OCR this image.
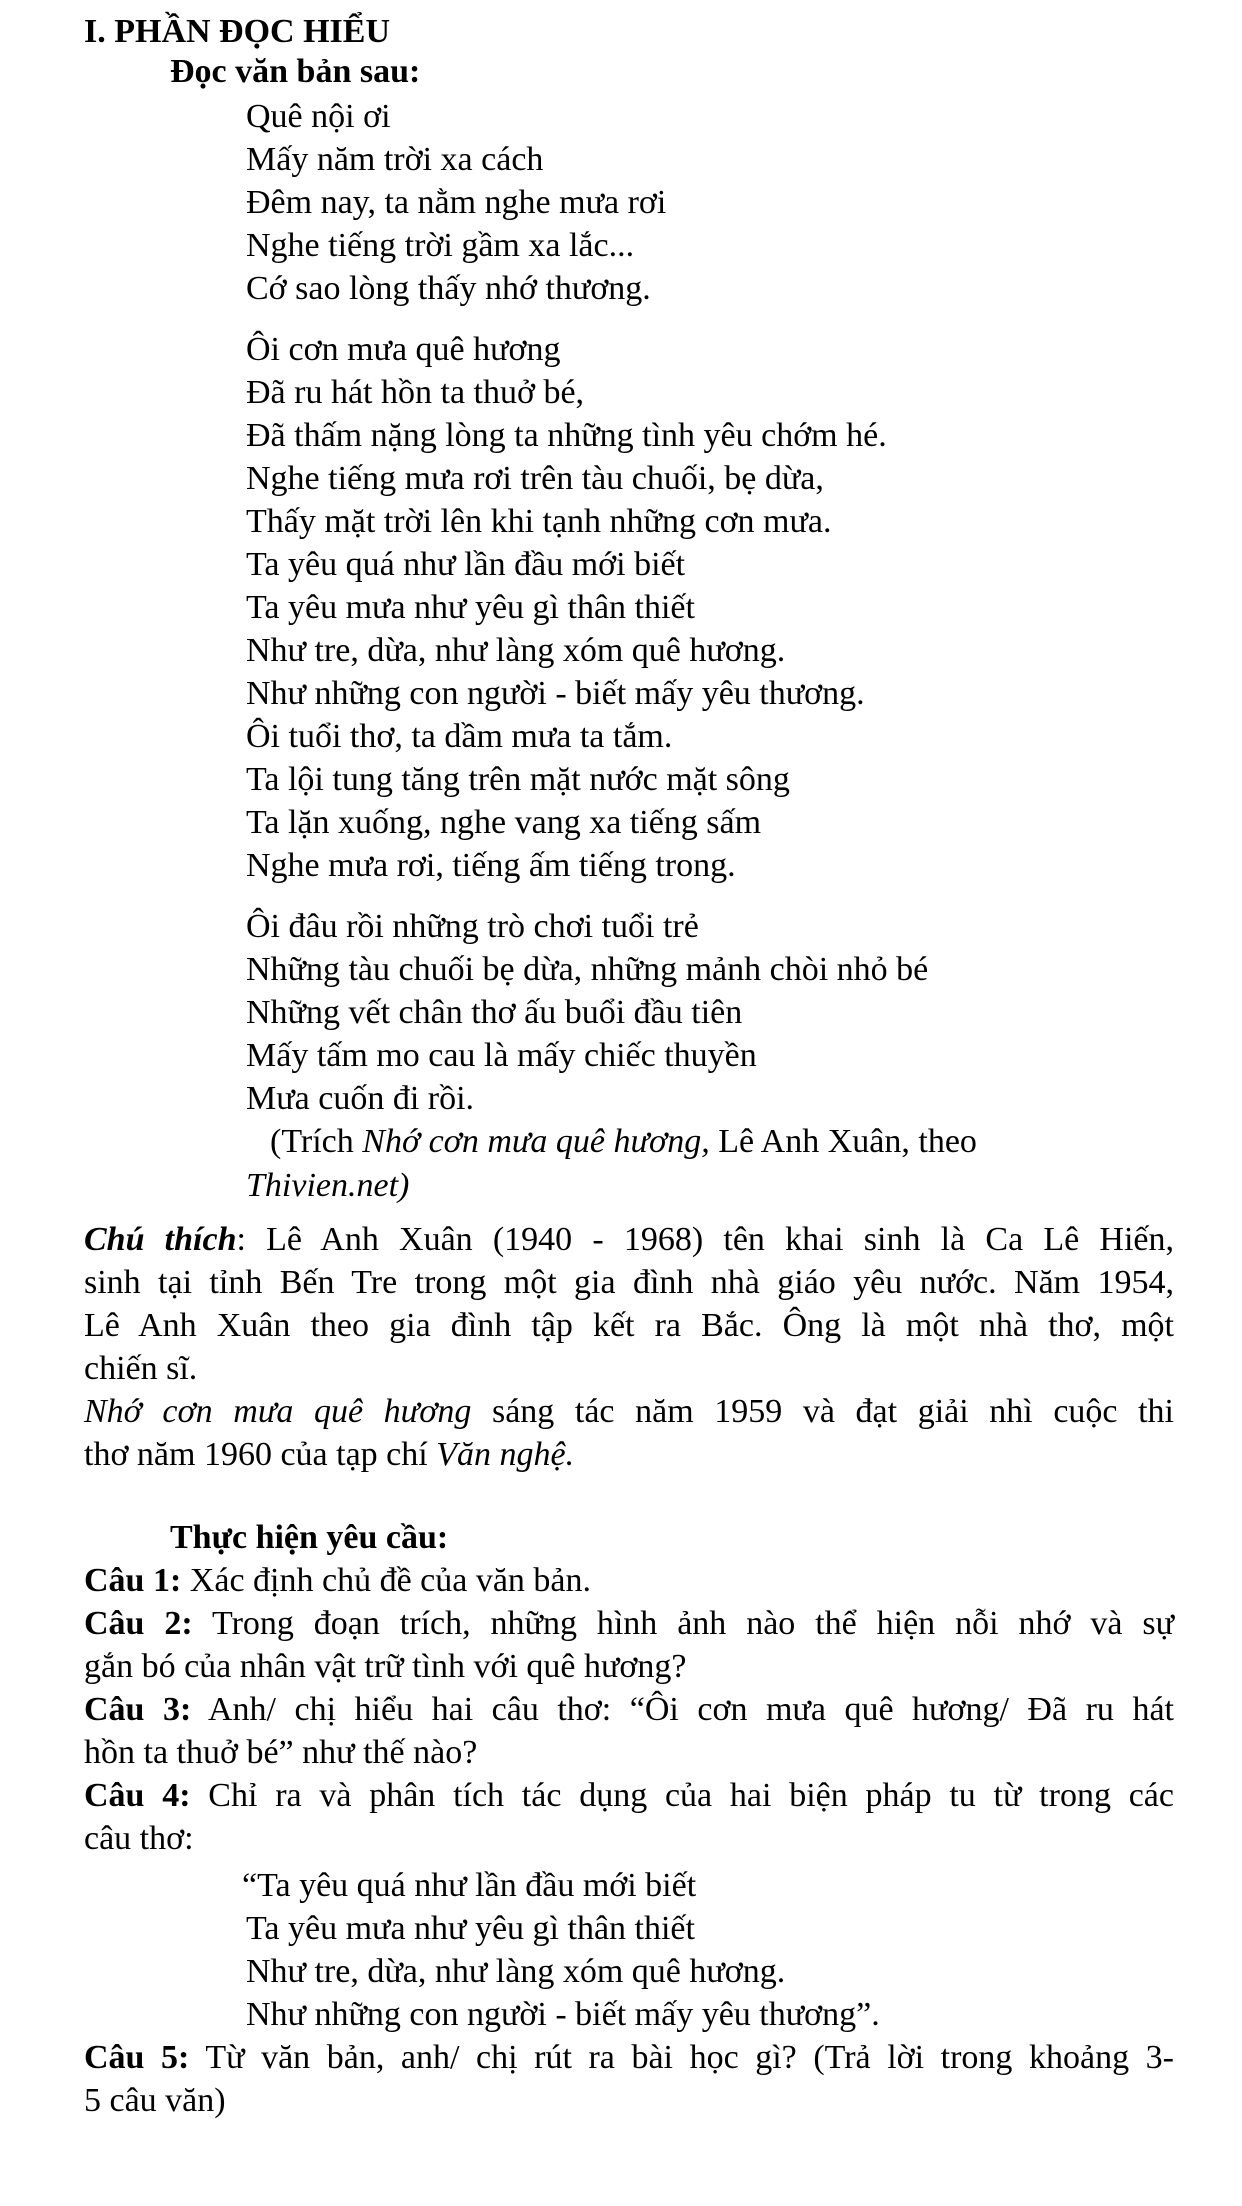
I. PHẦN ĐỌC HIỂU
Đọc văn bản sau:
Quê nội ơi
Mấy năm trời xa cách
Đêm nay, ta nằm nghe mưa rơi
Nghe tiếng trời gầm xa lắc...
Cớ sao lòng thấy nhớ thương.
Ôi cơn mưa quê hương
Đã ru hát hồn ta thuở bé,
Đã thấm nặng lòng ta những tình yêu chớm hé.
Nghe tiếng mưa rơi trên tàu chuối, bẹ dừa,
Thấy mặt trời lên khi tạnh những cơn mưa.
Ta yêu quá như lần đầu mới biết
Ta yêu mưa như yêu gì thân thiết
Như tre, dừa, như làng xóm quê hương.
Như những con người - biết mấy yêu thương.
Ôi tuổi thơ, ta dầm mưa ta tắm.
Ta lội tung tăng trên mặt nước mặt sông
Ta lặn xuống, nghe vang xa tiếng sấm
Nghe mưa rơi, tiếng ấm tiếng trong.
Ôi đâu rồi những trò chơi tuổi trẻ
Những tàu chuối bẹ dừa, những mảnh chòi nhỏ bé
Những vết chân thơ ấu buổi đầu tiên
Mấy tấm mo cau là mấy chiếc thuyền
Mưa cuốn đi rồi.
(Trích Nhớ cơn mưa quê hương, Lê Anh Xuân, theo
Thivien.net)
Chú thích: Lê Anh Xuân (1940 - 1968) tên khai sinh là Ca Lê Hiến,
sinh tại tỉnh Bến Tre trong một gia đình nhà giáo yêu nước. Năm 1954,
Lê Anh Xuân theo gia đình tập kết ra Bắc. Ông là một nhà thơ, một
chiến sĩ.
Nhớ cơn mưa quê hương sáng tác năm 1959 và đạt giải nhì cuộc thi
thơ năm 1960 của tạp chí Văn nghệ.
Thực hiện yêu cầu:
Câu 1: Xác định chủ đề của văn bản.
Câu 2: Trong đoạn trích, những hình ảnh nào thể hiện nỗi nhớ và sự
gắn bó của nhân vật trữ tình với quê hương?
Câu 3: Anh/ chị hiểu hai câu thơ: “Ôi cơn mưa quê hương/ Đã ru hát
hồn ta thuở bé” như thế nào?
Câu 4: Chỉ ra và phân tích tác dụng của hai biện pháp tu từ trong các
câu thơ:
“Ta yêu quá như lần đầu mới biết
Ta yêu mưa như yêu gì thân thiết
Như tre, dừa, như làng xóm quê hương.
Như những con người - biết mấy yêu thương”.
Câu 5: Từ văn bản, anh/ chị rút ra bài học gì? (Trả lời trong khoảng 3-
5 câu văn)
